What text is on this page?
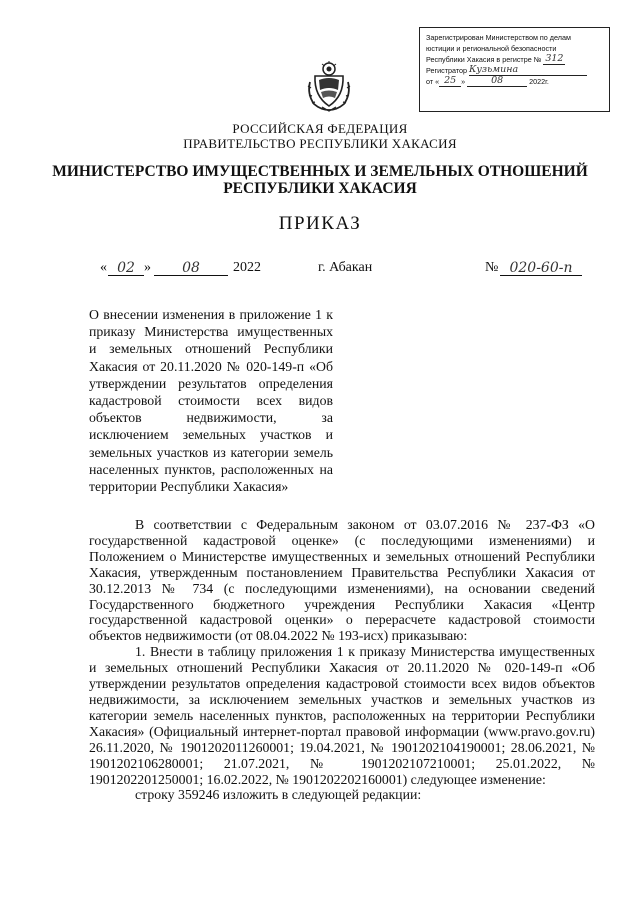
Зарегистрирован Министерством по делам
юстиции и региональной безопасности
Республики Хакасия в регистре № 312
Регистратор Кузьмина
от « 25 »	08	2022г.
РОССИЙСКАЯ ФЕДЕРАЦИЯ
ПРАВИТЕЛЬСТВО РЕСПУБЛИКИ ХАКАСИЯ
МИНИСТЕРСТВО ИМУЩЕСТВЕННЫХ И ЗЕМЕЛЬНЫХ ОТНОШЕНИЙ
РЕСПУБЛИКИ ХАКАСИЯ
ПРИКАЗ
« 02 »	08	2022	г. Абакан	№ 020-60-п
О внесении изменения в приложение 1 к приказу Министерства имущественных и земельных отношений Республики Хакасия от 20.11.2020 № 020-149-п «Об утверждении результатов определения кадастровой стоимости всех видов объектов недвижимости, за исключением земельных участков и земельных участков из категории земель населенных пунктов, расположенных на территории Республики Хакасия»

В соответствии с Федеральным законом от 03.07.2016 № 237-ФЗ «О государственной кадастровой оценке» (с последующими изменениями) и Положением о Министерстве имущественных и земельных отношений Республики Хакасия, утвержденным постановлением Правительства Республики Хакасия от 30.12.2013 № 734 (с последующими изменениями), на основании сведений Государственного бюджетного учреждения Республики Хакасия «Центр государственной кадастровой оценки» о перерасчете кадастровой стоимости объектов недвижимости (от 08.04.2022 № 193-исх) приказываю:

1. Внести в таблицу приложения 1 к приказу Министерства имущественных и земельных отношений Республики Хакасия от 20.11.2020 № 020-149-п «Об утверждении результатов определения кадастровой стоимости всех видов объектов недвижимости, за исключением земельных участков и земельных участков из категории земель населенных пунктов, расположенных на территории Республики Хакасия» (Официальный интернет-портал правовой информации (www.pravo.gov.ru) 26.11.2020, № 1901202011260001; 19.04.2021, № 1901202104190001; 28.06.2021, № 1901202106280001; 21.07.2021, № 1901202107210001; 25.01.2022, № 1901202201250001; 16.02.2022, № 1901202202160001) следующее изменение:

строку 359246 изложить в следующей редакции:
